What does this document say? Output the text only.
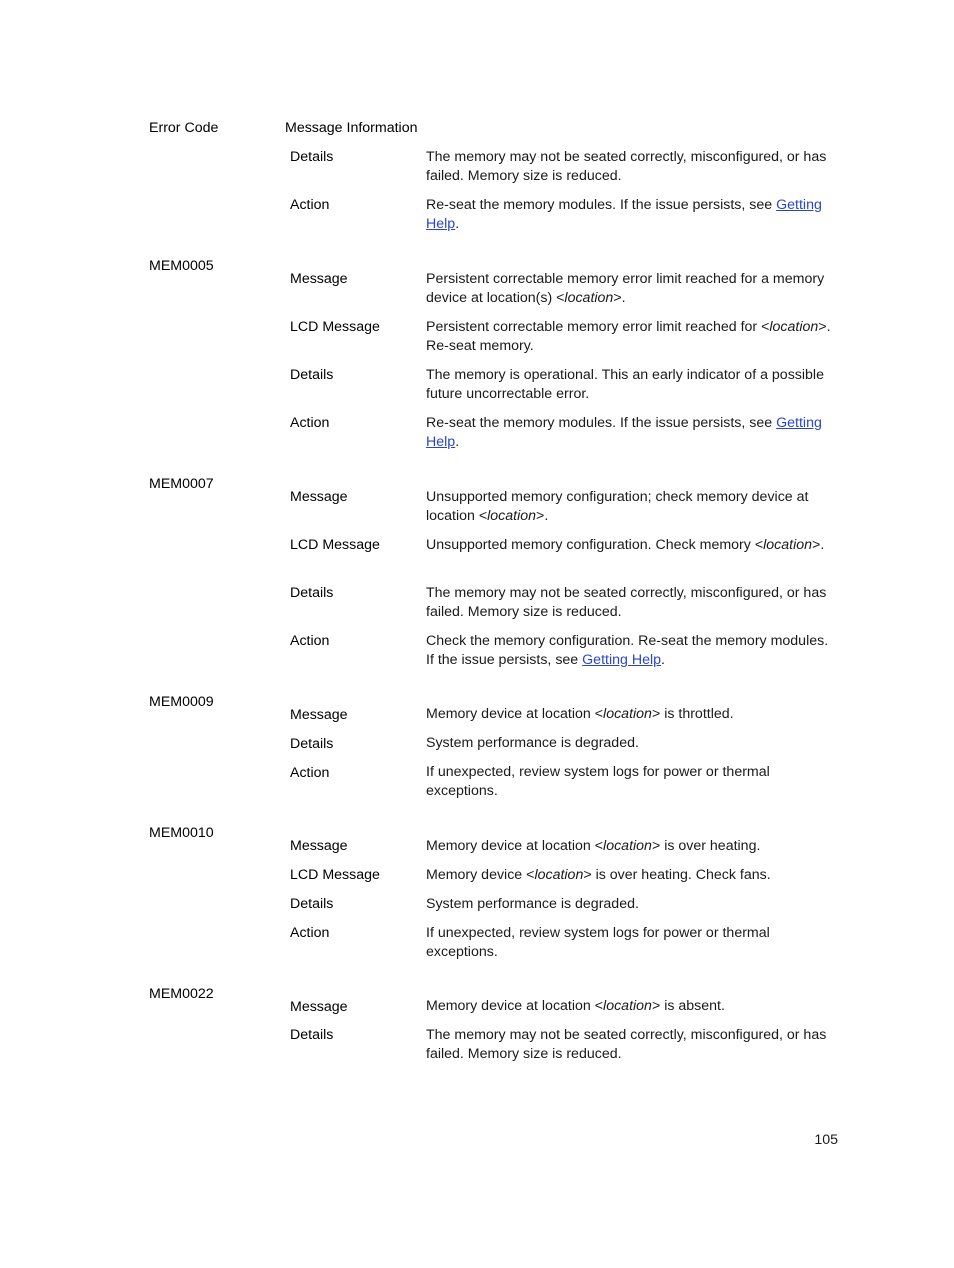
Error Code	Message Information
Details	The memory may not be seated correctly, misconfigured, or has failed. Memory size is reduced.
Action	Re-seat the memory modules. If the issue persists, see Getting Help.
MEM0005
Message	Persistent correctable memory error limit reached for a memory device at location(s) <location>.
LCD Message	Persistent correctable memory error limit reached for <location>. Re-seat memory.
Details	The memory is operational. This an early indicator of a possible future uncorrectable error.
Action	Re-seat the memory modules. If the issue persists, see Getting Help.
MEM0007
Message	Unsupported memory configuration; check memory device at location <location>.
LCD Message	Unsupported memory configuration. Check memory <location>.
Details	The memory may not be seated correctly, misconfigured, or has failed. Memory size is reduced.
Action	Check the memory configuration. Re-seat the memory modules. If the issue persists, see Getting Help.
MEM0009
Message	Memory device at location <location> is throttled.
Details	System performance is degraded.
Action	If unexpected, review system logs for power or thermal exceptions.
MEM0010
Message	Memory device at location <location> is over heating.
LCD Message	Memory device <location> is over heating. Check fans.
Details	System performance is degraded.
Action	If unexpected, review system logs for power or thermal exceptions.
MEM0022
Message	Memory device at location <location> is absent.
Details	The memory may not be seated correctly, misconfigured, or has failed. Memory size is reduced.
105
